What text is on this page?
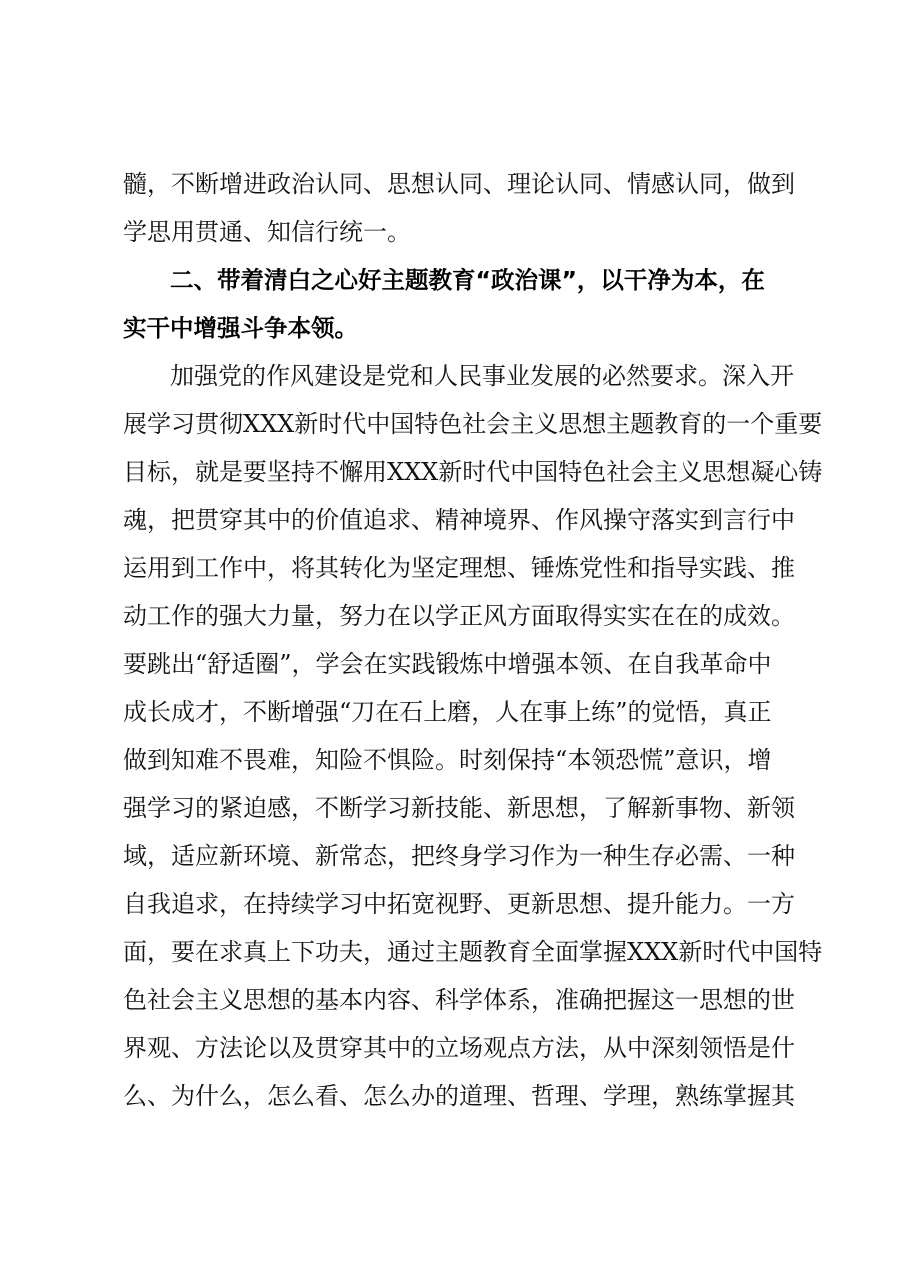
髓，不断增进政治认同、思想认同、理论认同、情感认同，做到
学思用贯通、知信行统一。
二、带着清白之心好主题教育“政治课”，以干净为本，在
实干中增强斗争本领。
加强党的作风建设是党和人民事业发展的必然要求。深入开
展学习贯彻XXX新时代中国特色社会主义思想主题教育的一个重要
目标，就是要坚持不懈用XXX新时代中国特色社会主义思想凝心铸
魂，把贯穿其中的价值追求、精神境界、作风操守落实到言行中
运用到工作中，将其转化为坚定理想、锤炼党性和指导实践、推
动工作的强大力量，努力在以学正风方面取得实实在在的成效。
要跳出“舒适圈”，学会在实践锻炼中增强本领、在自我革命中
成长成才，不断增强“刀在石上磨，人在事上练”的觉悟，真正
做到知难不畏难，知险不惧险。时刻保持“本领恐慌”意识，增
强学习的紧迫感，不断学习新技能、新思想，了解新事物、新领
域，适应新环境、新常态，把终身学习作为一种生存必需、一种
自我追求，在持续学习中拓宽视野、更新思想、提升能力。一方
面，要在求真上下功夫，通过主题教育全面掌握XXX新时代中国特
色社会主义思想的基本内容、科学体系，准确把握这一思想的世
界观、方法论以及贯穿其中的立场观点方法，从中深刻领悟是什
么、为什么，怎么看、怎么办的道理、哲理、学理，熟练掌握其
